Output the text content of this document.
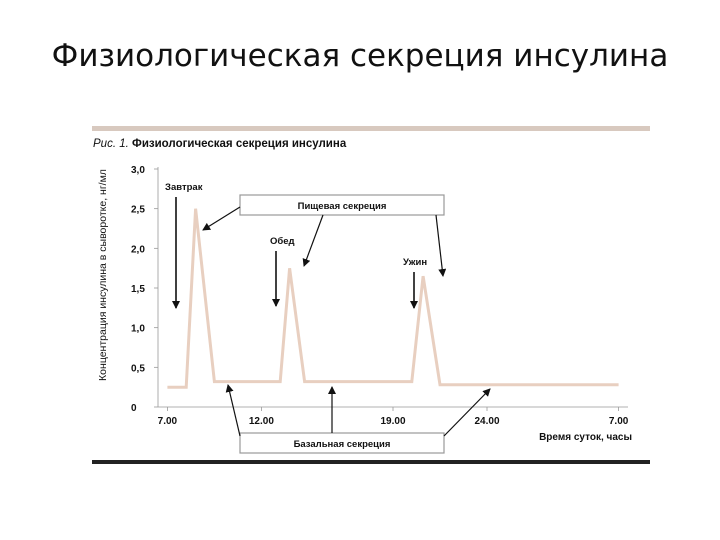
Физиологическая секреция инсулина
Рис. 1. Физиологическая секреция инсулина
Концентрация инсулина в сыворотке, нг/мл
0
0,5
1,0
1,5
2,0
2,5
3,0
7.00	12.00	19.00	24.00	7.00
Время суток, часы
Завтрак
Обед
Ужин
Пищевая секреция
Базальная секреция
